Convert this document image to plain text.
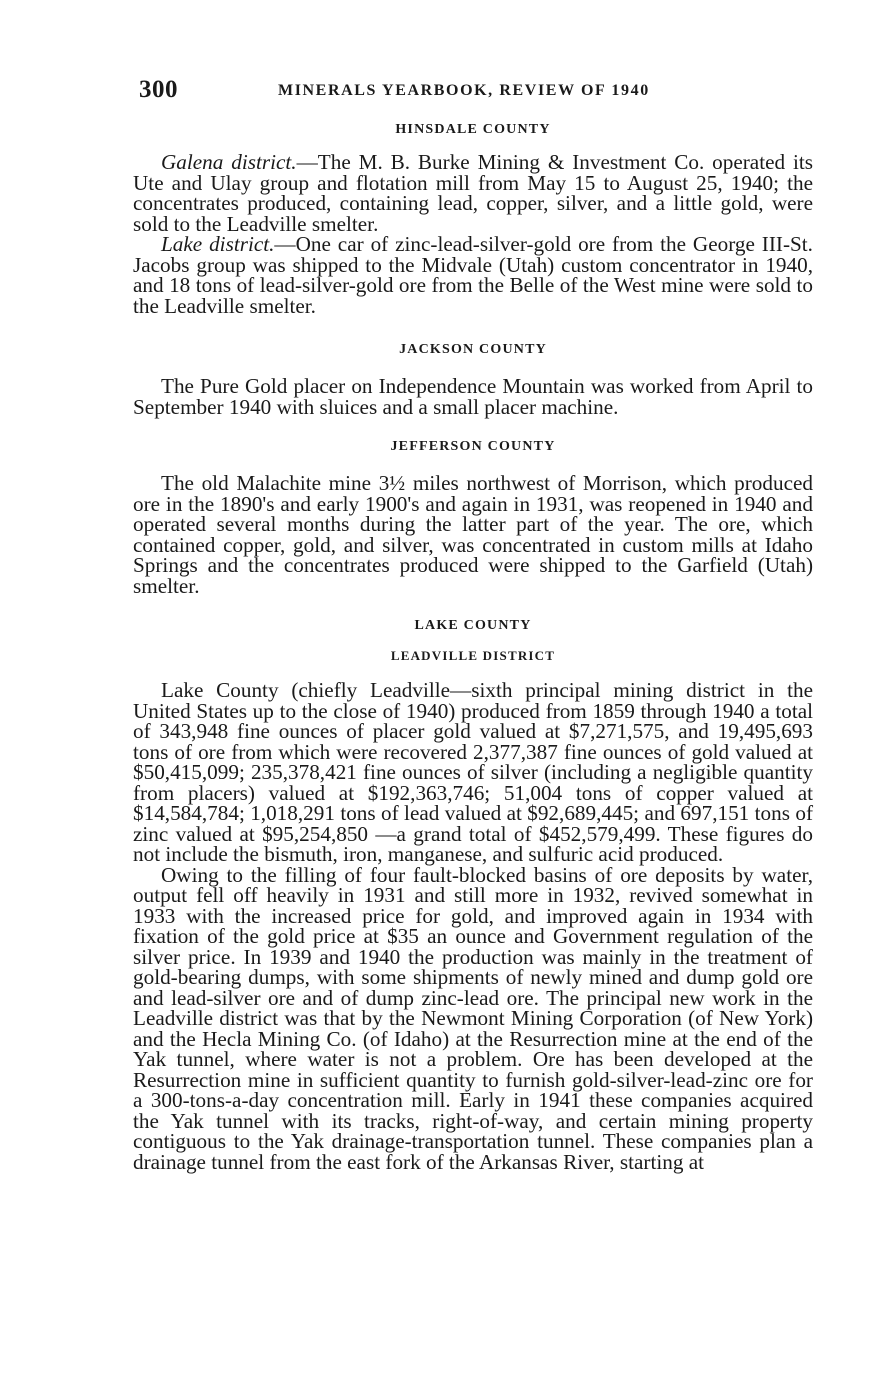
300	MINERALS YEARBOOK, REVIEW OF 1940
HINSDALE COUNTY

Galena district.—The M. B. Burke Mining & Investment Co. operated its Ute and Ulay group and flotation mill from May 15 to August 25, 1940; the concentrates produced, containing lead, copper, silver, and a little gold, were sold to the Leadville smelter.

Lake district.—One car of zinc-lead-silver-gold ore from the George III-St. Jacobs group was shipped to the Midvale (Utah) custom concentrator in 1940, and 18 tons of lead-silver-gold ore from the Belle of the West mine were sold to the Leadville smelter.

JACKSON COUNTY

The Pure Gold placer on Independence Mountain was worked from April to September 1940 with sluices and a small placer machine.

JEFFERSON COUNTY

The old Malachite mine 3½ miles northwest of Morrison, which produced ore in the 1890's and early 1900's and again in 1931, was reopened in 1940 and operated several months during the latter part of the year. The ore, which contained copper, gold, and silver, was concentrated in custom mills at Idaho Springs and the concentrates produced were shipped to the Garfield (Utah) smelter.

LAKE COUNTY
LEADVILLE DISTRICT

Lake County (chiefly Leadville—sixth principal mining district in the United States up to the close of 1940) produced from 1859 through 1940 a total of 343,948 fine ounces of placer gold valued at $7,271,575, and 19,495,693 tons of ore from which were recovered 2,377,387 fine ounces of gold valued at $50,415,099; 235,378,421 fine ounces of silver (including a negligible quantity from placers) valued at $192,363,746; 51,004 tons of copper valued at $14,584,784; 1,018,291 tons of lead valued at $92,689,445; and 697,151 tons of zinc valued at $95,254,850 —a grand total of $452,579,499. These figures do not include the bismuth, iron, manganese, and sulfuric acid produced.

Owing to the filling of four fault-blocked basins of ore deposits by water, output fell off heavily in 1931 and still more in 1932, revived somewhat in 1933 with the increased price for gold, and improved again in 1934 with fixation of the gold price at $35 an ounce and Government regulation of the silver price. In 1939 and 1940 the production was mainly in the treatment of gold-bearing dumps, with some shipments of newly mined and dump gold ore and lead-silver ore and of dump zinc-lead ore. The principal new work in the Leadville district was that by the Newmont Mining Corporation (of New York) and the Hecla Mining Co. (of Idaho) at the Resurrection mine at the end of the Yak tunnel, where water is not a problem. Ore has been developed at the Resurrection mine in sufficient quantity to furnish gold-silver-lead-zinc ore for a 300-tons-a-day concentration mill. Early in 1941 these companies acquired the Yak tunnel with its tracks, right-of-way, and certain mining property contiguous to the Yak drainage-transportation tunnel. These companies plan a drainage tunnel from the east fork of the Arkansas River, starting at
